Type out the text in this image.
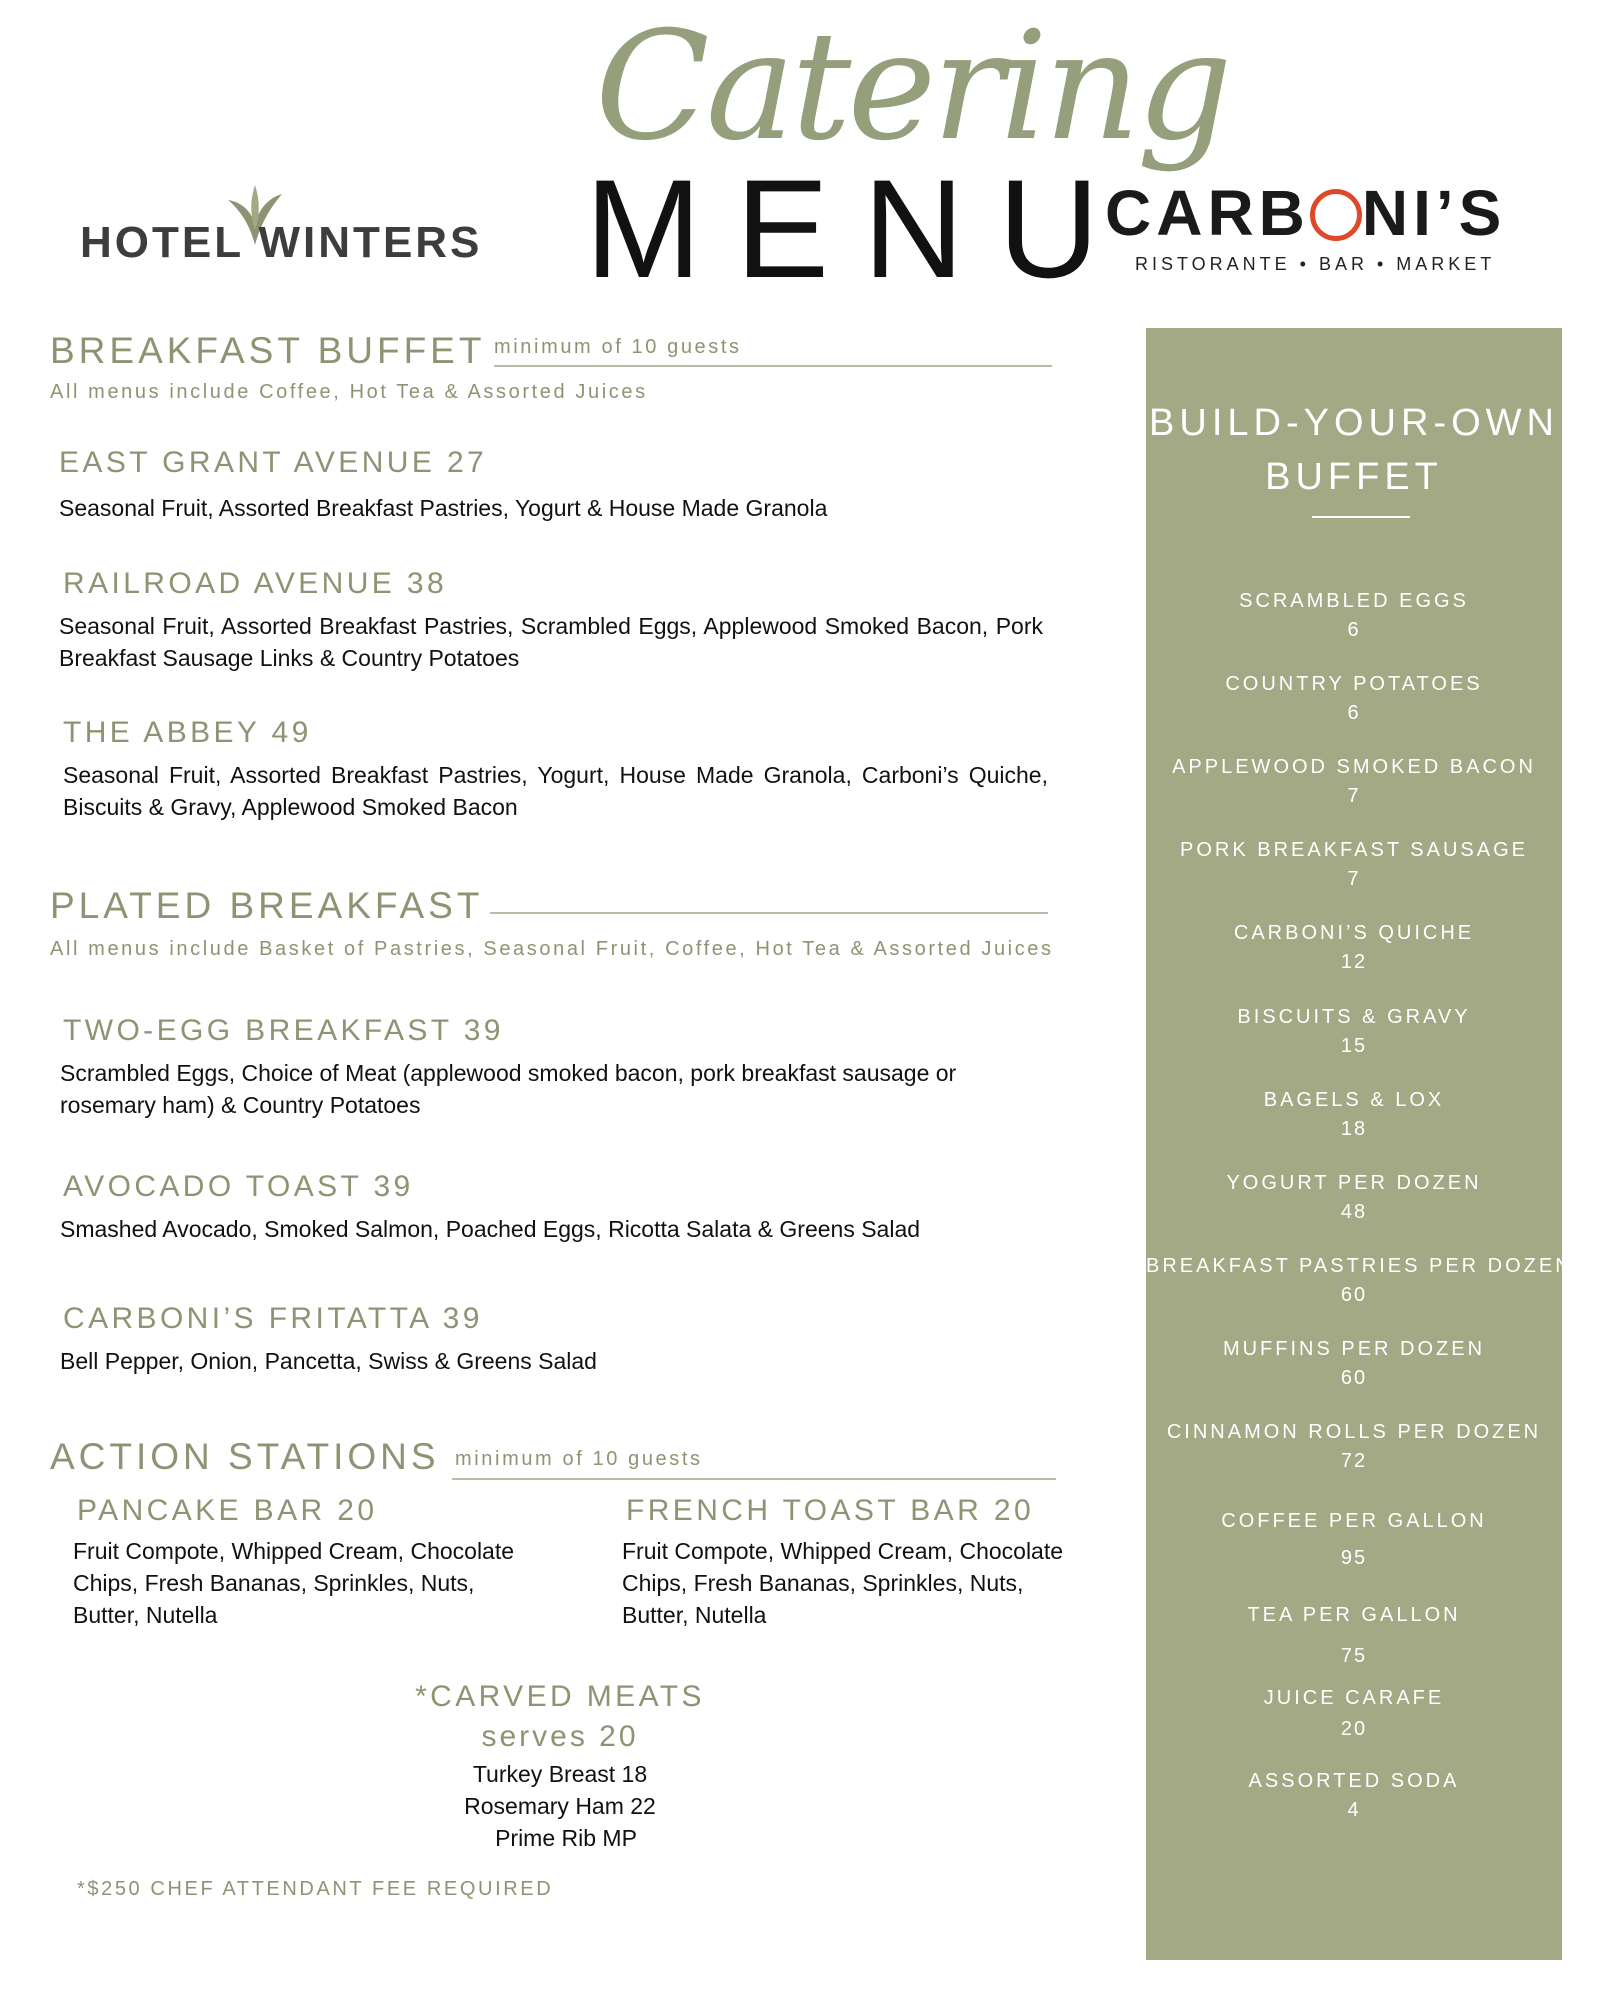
HOTEL WINTERS
Catering
MENU
CARB NI’S
RISTORANTE • BAR • MARKET
BREAKFAST BUFFET minimum of 10 guests
All menus include Coffee, Hot Tea & Assorted Juices
EAST GRANT AVENUE 27
Seasonal Fruit, Assorted Breakfast Pastries, Yogurt & House Made Granola
RAILROAD AVENUE 38
Seasonal Fruit, Assorted Breakfast Pastries, Scrambled Eggs, Applewood Smoked Bacon, Pork Breakfast Sausage Links & Country Potatoes
THE ABBEY 49
Seasonal Fruit, Assorted Breakfast Pastries, Yogurt, House Made Granola, Carboni’s Quiche, Biscuits & Gravy, Applewood Smoked Bacon
PLATED BREAKFAST
All menus include Basket of Pastries, Seasonal Fruit, Coffee, Hot Tea & Assorted Juices
TWO-EGG BREAKFAST 39
Scrambled Eggs, Choice of Meat (applewood smoked bacon, pork breakfast sausage or rosemary ham) & Country Potatoes
AVOCADO TOAST 39
Smashed Avocado, Smoked Salmon, Poached Eggs, Ricotta Salata & Greens Salad
CARBONI’S FRITATTA 39
Bell Pepper, Onion, Pancetta, Swiss & Greens Salad
ACTION STATIONS minimum of 10 guests
PANCAKE BAR 20
Fruit Compote, Whipped Cream, Chocolate
Chips, Fresh Bananas, Sprinkles, Nuts,
Butter, Nutella
FRENCH TOAST BAR 20
Fruit Compote, Whipped Cream, Chocolate
Chips, Fresh Bananas, Sprinkles, Nuts,
Butter, Nutella
*CARVED MEATS
serves 20
Turkey Breast 18
Rosemary Ham 22
Prime Rib MP
*$250 CHEF ATTENDANT FEE REQUIRED
BUILD-YOUR-OWN
BUFFET
SCRAMBLED EGGS
6
COUNTRY POTATOES
6
APPLEWOOD SMOKED BACON
7
PORK BREAKFAST SAUSAGE
7
CARBONI’S QUICHE
12
BISCUITS & GRAVY
15
BAGELS & LOX
18
YOGURT PER DOZEN
48
BREAKFAST PASTRIES PER DOZEN
60
MUFFINS PER DOZEN
60
CINNAMON ROLLS PER DOZEN
72
COFFEE PER GALLON
95
TEA PER GALLON
75
JUICE CARAFE
20
ASSORTED SODA
4
